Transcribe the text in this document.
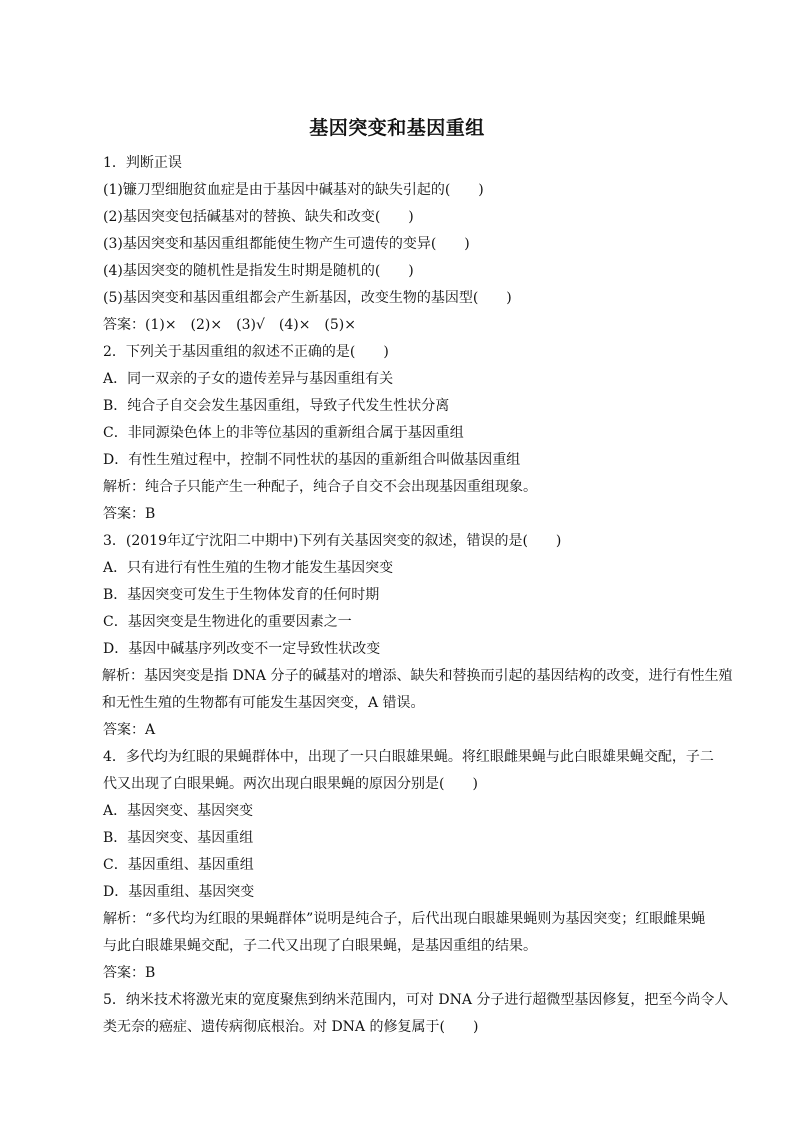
基因突变和基因重组
1．判断正误
(1)镰刀型细胞贫血症是由于基因中碱基对的缺失引起的(　　)
(2)基因突变包括碱基对的替换、缺失和改变(　　)
(3)基因突变和基因重组都能使生物产生可遗传的变异(　　)
(4)基因突变的随机性是指发生时期是随机的(　　)
(5)基因突变和基因重组都会产生新基因，改变生物的基因型(　　)
答案：(1)×　(2)×　(3)√　(4)×　(5)×
2．下列关于基因重组的叙述不正确的是(　　)
A．同一双亲的子女的遗传差异与基因重组有关
B．纯合子自交会发生基因重组，导致子代发生性状分离
C．非同源染色体上的非等位基因的重新组合属于基因重组
D．有性生殖过程中，控制不同性状的基因的重新组合叫做基因重组
解析：纯合子只能产生一种配子，纯合子自交不会出现基因重组现象。
答案：B
3．(2019年辽宁沈阳二中期中)下列有关基因突变的叙述，错误的是(　　)
A．只有进行有性生殖的生物才能发生基因突变
B．基因突变可发生于生物体发育的任何时期
C．基因突变是生物进化的重要因素之一
D．基因中碱基序列改变不一定导致性状改变
解析：基因突变是指 DNA 分子的碱基对的增添、缺失和替换而引起的基因结构的改变，进行有性生殖
和无性生殖的生物都有可能发生基因突变，A 错误。
答案：A
4．多代均为红眼的果蝇群体中，出现了一只白眼雄果蝇。将红眼雌果蝇与此白眼雄果蝇交配，子二
代又出现了白眼果蝇。两次出现白眼果蝇的原因分别是(　　)
A．基因突变、基因突变
B．基因突变、基因重组
C．基因重组、基因重组
D．基因重组、基因突变
解析：“多代均为红眼的果蝇群体”说明是纯合子，后代出现白眼雄果蝇则为基因突变；红眼雌果蝇
与此白眼雄果蝇交配，子二代又出现了白眼果蝇，是基因重组的结果。
答案：B
5．纳米技术将激光束的宽度聚焦到纳米范围内，可对 DNA 分子进行超微型基因修复，把至今尚令人
类无奈的癌症、遗传病彻底根治。对 DNA 的修复属于(　　)
